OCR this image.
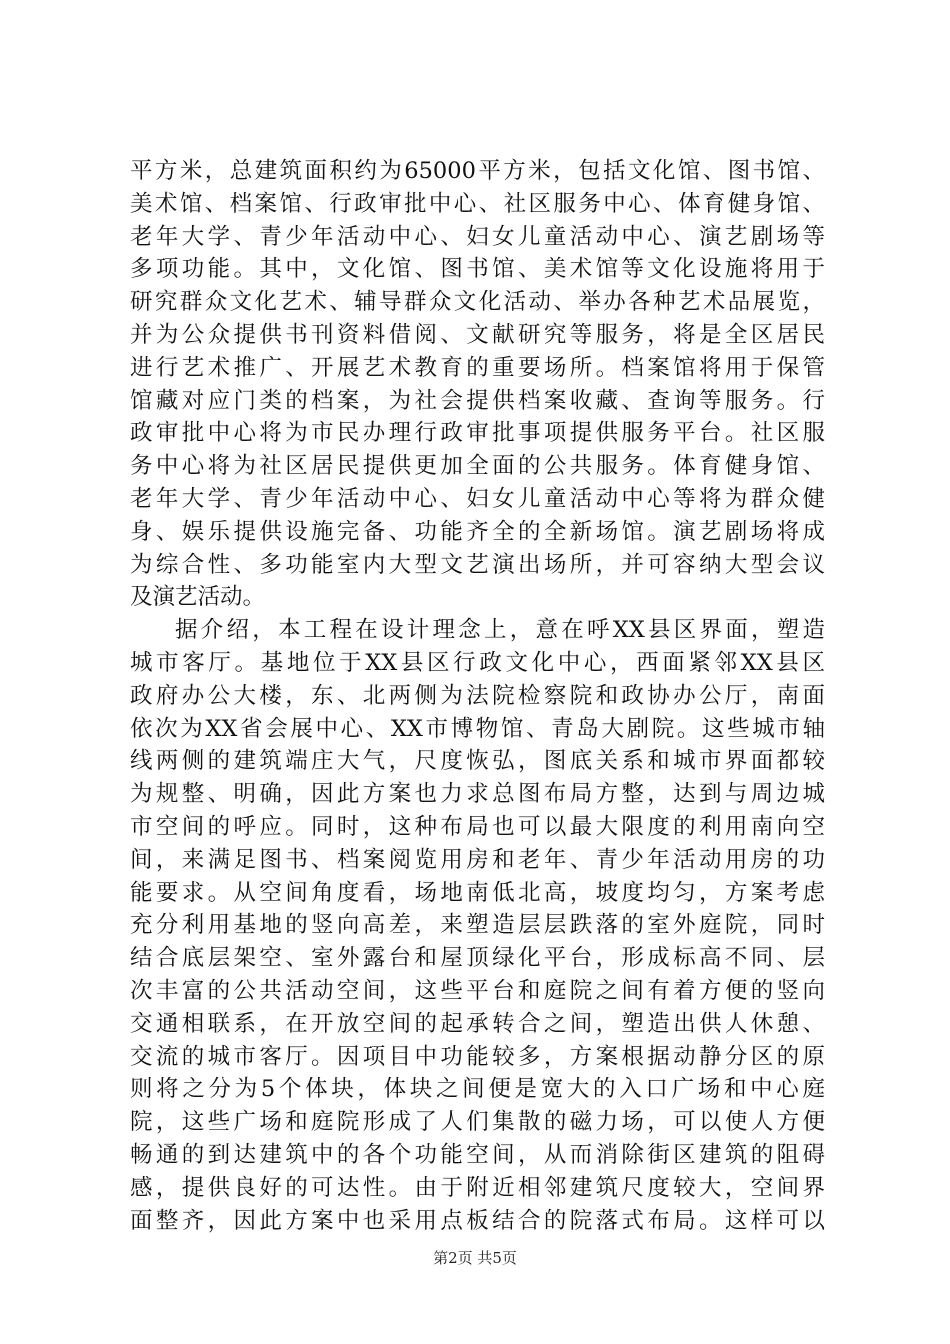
平方米，总建筑面积约为65000平方米，包括文化馆、图书馆、
美术馆、档案馆、行政审批中心、社区服务中心、体育健身馆、
老年大学、青少年活动中心、妇女儿童活动中心、演艺剧场等
多项功能。其中，文化馆、图书馆、美术馆等文化设施将用于
研究群众文化艺术、辅导群众文化活动、举办各种艺术品展览，
并为公众提供书刊资料借阅、文献研究等服务，将是全区居民
进行艺术推广、开展艺术教育的重要场所。档案馆将用于保管
馆藏对应门类的档案，为社会提供档案收藏、查询等服务。行
政审批中心将为市民办理行政审批事项提供服务平台。社区服
务中心将为社区居民提供更加全面的公共服务。体育健身馆、
老年大学、青少年活动中心、妇女儿童活动中心等将为群众健
身、娱乐提供设施完备、功能齐全的全新场馆。演艺剧场将成
为综合性、多功能室内大型文艺演出场所，并可容纳大型会议
及演艺活动。
据介绍，本工程在设计理念上，意在呼XX县区界面，塑造
城市客厅。基地位于XX县区行政文化中心，西面紧邻XX县区
政府办公大楼，东、北两侧为法院检察院和政协办公厅，南面
依次为XX省会展中心、XX市博物馆、青岛大剧院。这些城市轴
线两侧的建筑端庄大气，尺度恢弘，图底关系和城市界面都较
为规整、明确，因此方案也力求总图布局方整，达到与周边城
市空间的呼应。同时，这种布局也可以最大限度的利用南向空
间，来满足图书、档案阅览用房和老年、青少年活动用房的功
能要求。从空间角度看，场地南低北高，坡度均匀，方案考虑
充分利用基地的竖向高差，来塑造层层跌落的室外庭院，同时
结合底层架空、室外露台和屋顶绿化平台，形成标高不同、层
次丰富的公共活动空间，这些平台和庭院之间有着方便的竖向
交通相联系，在开放空间的起承转合之间，塑造出供人休憩、
交流的城市客厅。因项目中功能较多，方案根据动静分区的原
则将之分为5个体块，体块之间便是宽大的入口广场和中心庭
院，这些广场和庭院形成了人们集散的磁力场，可以使人方便
畅通的到达建筑中的各个功能空间，从而消除街区建筑的阻碍
感，提供良好的可达性。由于附近相邻建筑尺度较大，空间界
面整齐，因此方案中也采用点板结合的院落式布局。这样可以
第2页 共5页
